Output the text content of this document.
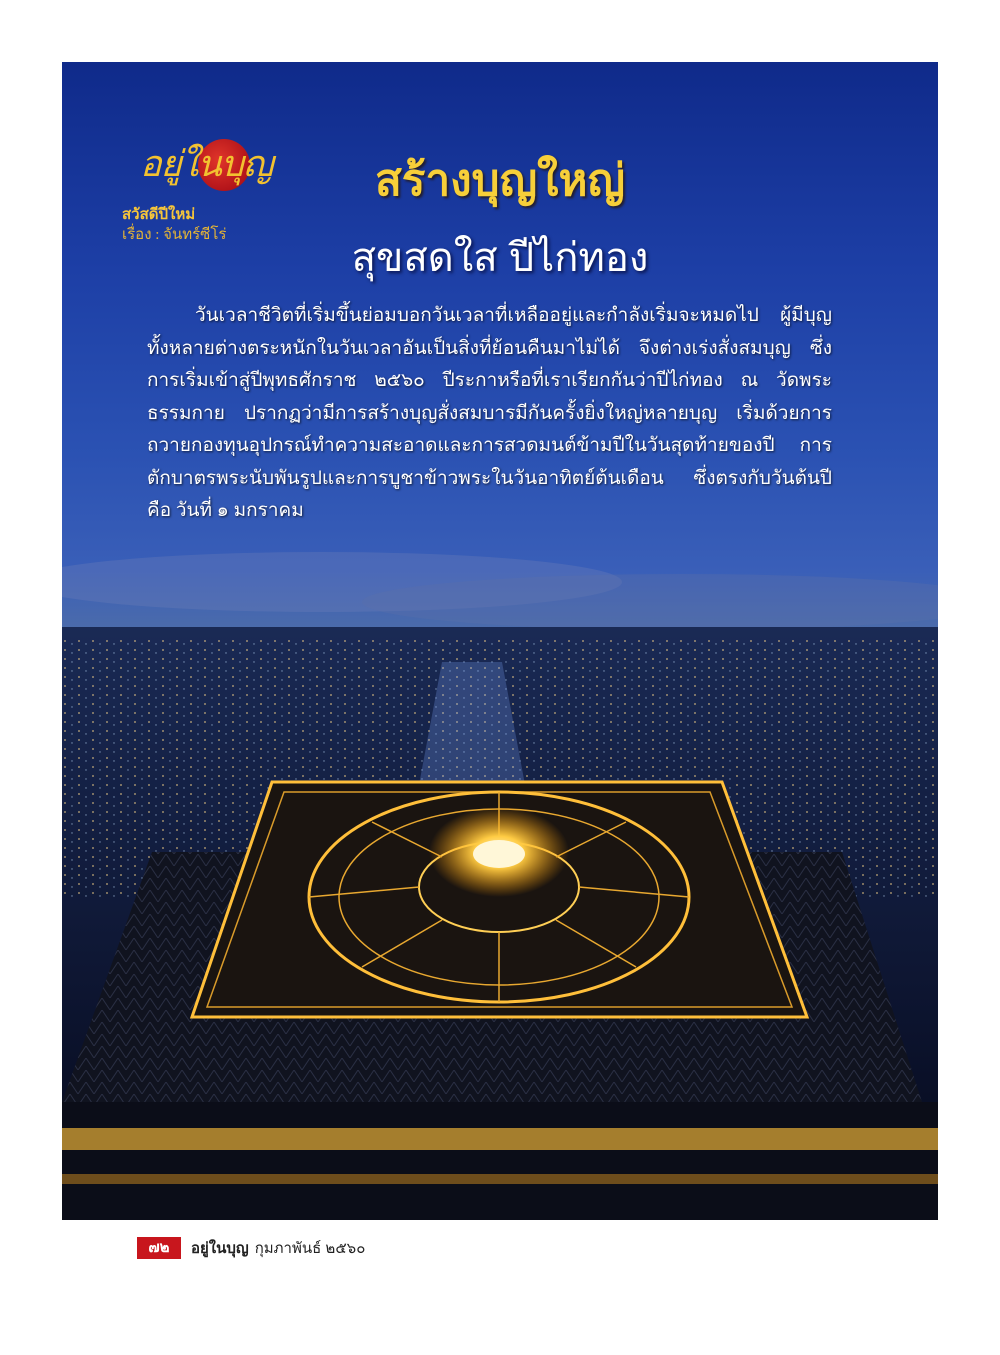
อยู่ในบุญ
สวัสดีปีใหม่
เรื่อง : จันทร์ซีโร่
สร้างบุญใหญ่
สุขสดใส ปีไก่ทอง

วันเวลาชีวิตที่เริ่มขึ้นย่อมบอกวันเวลาที่เหลืออยู่และกำลังเริ่มจะหมดไป ผู้มีบุญทั้งหลายต่างตระหนักในวันเวลาอันเป็นสิ่งที่ย้อนคืนมาไม่ได้ จึงต่างเร่งสั่งสมบุญ ซึ่งการเริ่มเข้าสู่ปีพุทธศักราช ๒๕๖๐ ปีระกาหรือที่เราเรียกกันว่าปีไก่ทอง ณ วัดพระธรรมกาย ปรากฏว่ามีการสร้างบุญสั่งสมบารมีกันครั้งยิ่งใหญ่หลายบุญ เริ่มด้วยการถวายกองทุนอุปกรณ์ทำความสะอาดและการสวดมนต์ข้ามปีในวันสุดท้ายของปี การตักบาตรพระนับพันรูปและการบูชาข้าวพระในวันอาทิตย์ต้นเดือน ซึ่งตรงกับวันต้นปี คือ วันที่ ๑ มกราคม

๗๒	อยู่ในบุญ กุมภาพันธ์ ๒๕๖๐
